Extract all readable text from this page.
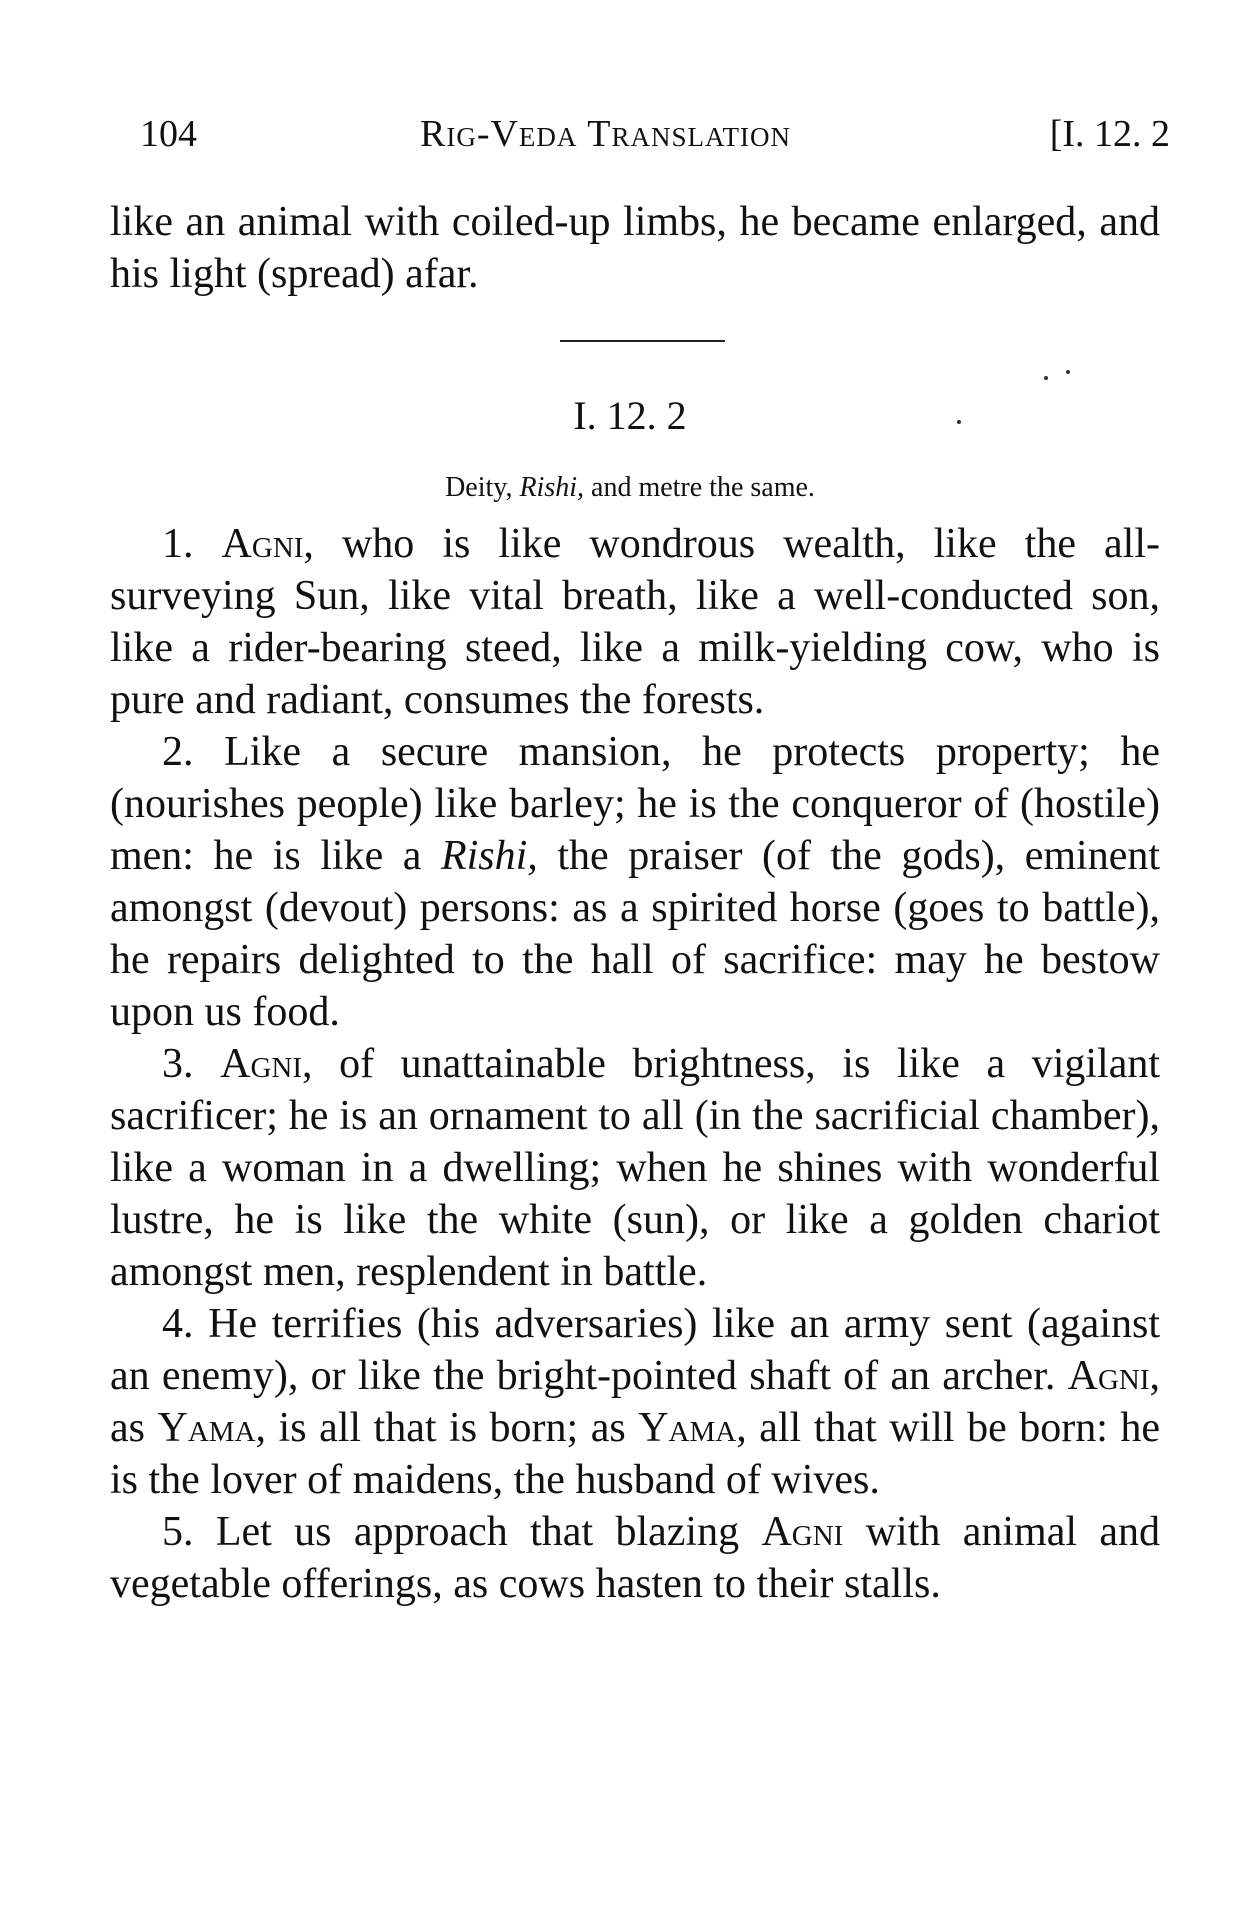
104	Rig-Veda Translation	[I. 12. 2
like an animal with coiled-up limbs, he became enlarged, and his light (spread) afar.
I. 12. 2
Deity, Rishi, and metre the same.

1. Agni, who is like wondrous wealth, like the all-surveying Sun, like vital breath, like a well-conducted son, like a rider-bearing steed, like a milk-yielding cow, who is pure and radiant, consumes the forests.

2. Like a secure mansion, he protects property; he (nourishes people) like barley; he is the conqueror of (hostile) men: he is like a Rishi, the praiser (of the gods), eminent amongst (devout) persons: as a spirited horse (goes to battle), he repairs delighted to the hall of sacrifice: may he bestow upon us food.

3. Agni, of unattainable brightness, is like a vigilant sacrificer; he is an ornament to all (in the sacrificial chamber), like a woman in a dwelling; when he shines with wonderful lustre, he is like the white (sun), or like a golden chariot amongst men, resplendent in battle.

4. He terrifies (his adversaries) like an army sent (against an enemy), or like the bright-pointed shaft of an archer. Agni, as Yama, is all that is born; as Yama, all that will be born: he is the lover of maidens, the husband of wives.

5. Let us approach that blazing Agni with animal and vegetable offerings, as cows hasten to their stalls.
